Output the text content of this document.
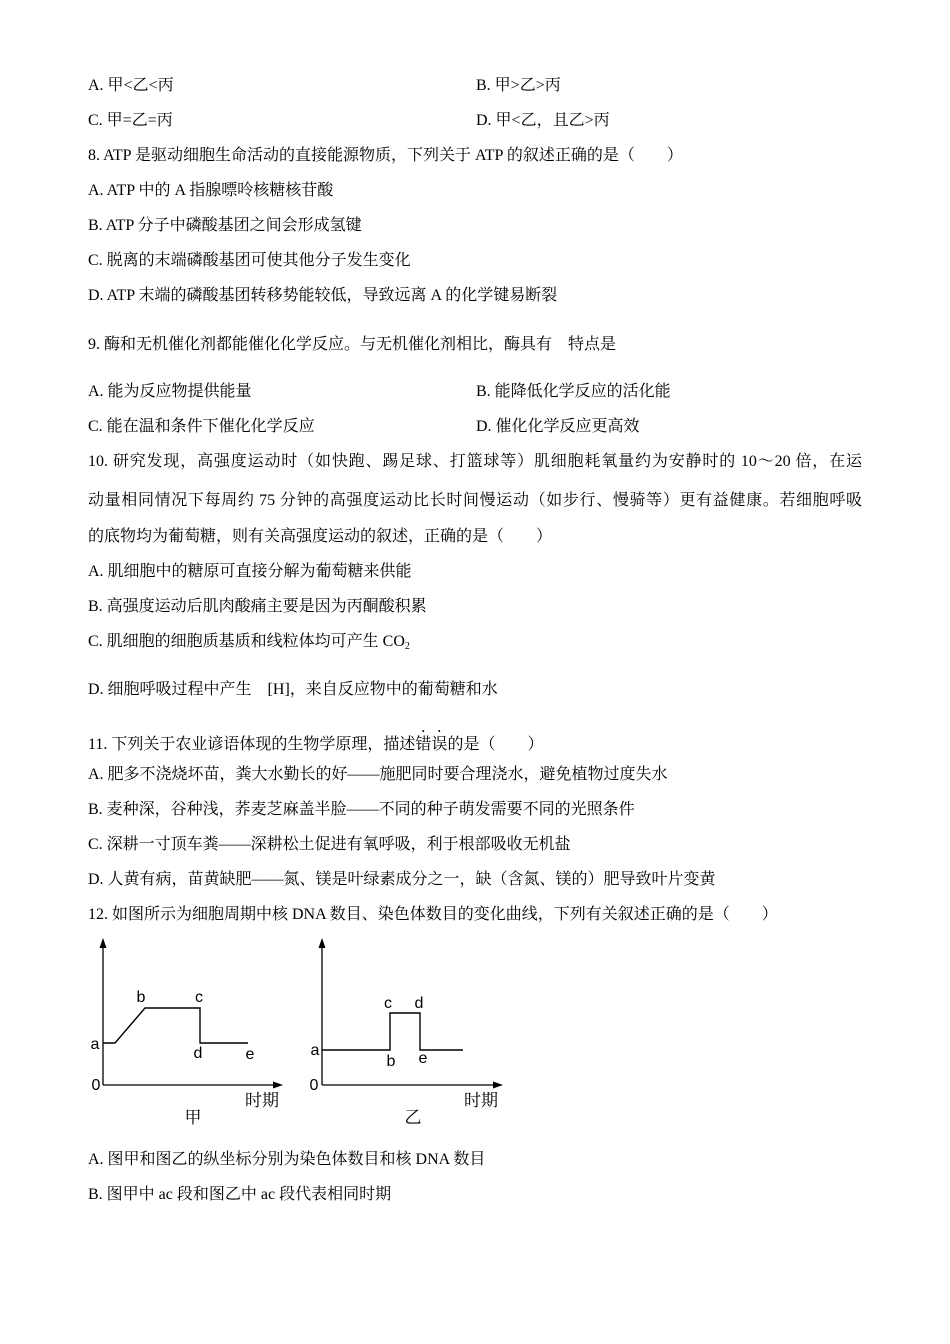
A. 甲<乙<丙	B. 甲>乙>丙
C. 甲=乙=丙	D. 甲<乙，且乙>丙
8. ATP 是驱动细胞生命活动的直接能源物质，下列关于 ATP 的叙述正确的是（　　）
A. ATP 中的 A 指腺嘌呤核糖核苷酸
B. ATP 分子中磷酸基团之间会形成氢键
C. 脱离的末端磷酸基团可使其他分子发生变化
D. ATP 末端的磷酸基团转移势能较低，导致远离 A 的化学键易断裂
9. 酶和无机催化剂都能催化化学反应。与无机催化剂相比，酶具有　特点是
A. 能为反应物提供能量	B. 能降低化学反应的活化能
C. 能在温和条件下催化化学反应	D. 催化化学反应更高效
10. 研究发现，高强度运动时（如快跑、踢足球、打篮球等）肌细胞耗氧量约为安静时的 10～20 倍，在运
动量相同情况下每周约 75 分钟的高强度运动比长时间慢运动（如步行、慢骑等）更有益健康。若细胞呼吸
的底物均为葡萄糖，则有关高强度运动的叙述，正确的是（　　）
A. 肌细胞中的糖原可直接分解为葡萄糖来供能
B. 高强度运动后肌肉酸痛主要是因为丙酮酸积累
C. 肌细胞的细胞质基质和线粒体均可产生 $CO_2$
D. 细胞呼吸过程中产生　[H]，来自反应物中的葡萄糖和水
11. 下列关于农业谚语体现的生物学原理，描述错误的是（　　）
A. 肥多不浇烧坏苗，粪大水勤长的好——施肥同时要合理浇水，避免植物过度失水
B. 麦种深，谷种浅，荞麦芝麻盖半脸——不同的种子萌发需要不同的光照条件
C. 深耕一寸顶车粪——深耕松土促进有氧呼吸，利于根部吸收无机盐
D. 人黄有病，苗黄缺肥——氮、镁是叶绿素成分之一，缺（含氮、镁的）肥导致叶片变黄
12. 如图所示为细胞周期中核 DNA 数目、染色体数目的变化曲线，下列有关叙述正确的是（　　）
0
a
b	c
d	e
时期
甲
0
a
b
c d
e
时期
乙
A. 图甲和图乙的纵坐标分别为染色体数目和核 DNA 数目
B. 图甲中 ac 段和图乙中 ac 段代表相同时期
